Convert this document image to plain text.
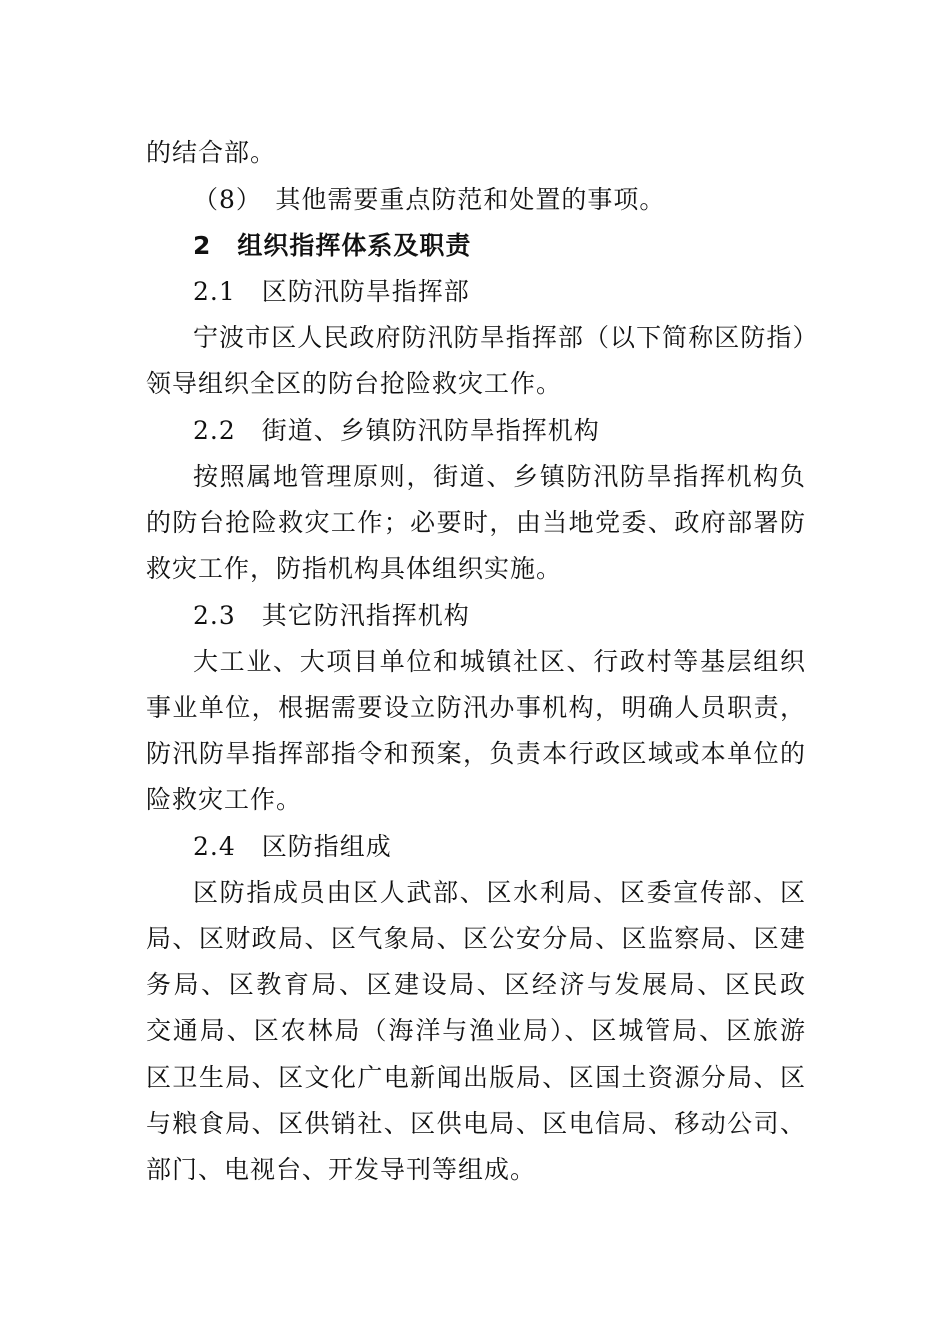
的结合部。
（8）　其他需要重点防范和处置的事项。
2　组织指挥体系及职责
2.1　区防汛防旱指挥部
宁波市区人民政府防汛防旱指挥部（以下简称区防指）
领导组织全区的防台抢险救灾工作。
2.2　街道、乡镇防汛防旱指挥机构
按照属地管理原则，街道、乡镇防汛防旱指挥机构负
的防台抢险救灾工作；必要时，由当地党委、政府部署防
救灾工作，防指机构具体组织实施。
2.3　其它防汛指挥机构
大工业、大项目单位和城镇社区、行政村等基层组织
事业单位，根据需要设立防汛办事机构，明确人员职责，
防汛防旱指挥部指令和预案，负责本行政区域或本单位的
险救灾工作。
2.4　区防指组成
区防指成员由区人武部、区水利局、区委宣传部、区
局、区财政局、区气象局、区公安分局、区监察局、区建
务局、区教育局、区建设局、区经济与发展局、区民政
交通局、区农林局（海洋与渔业局）、区城管局、区旅游
区卫生局、区文化广电新闻出版局、区国土资源分局、区
与粮食局、区供销社、区供电局、区电信局、移动公司、
部门、电视台、开发导刊等组成。
